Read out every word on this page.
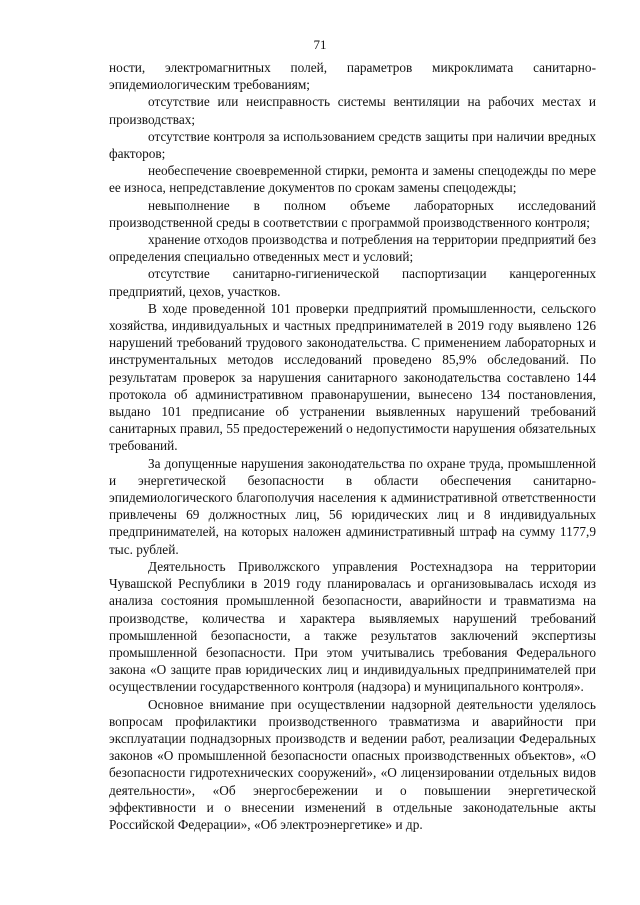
71

ности, электромагнитных полей, параметров микроклимата санитарно-эпидемиологическим требованиям;

отсутствие или неисправность системы вентиляции на рабочих местах и производствах;

отсутствие контроля за использованием средств защиты при наличии вредных факторов;

необеспечение своевременной стирки, ремонта и замены спецодежды по мере ее износа, непредставление документов по срокам замены спецодежды;

невыполнение в полном объеме лабораторных исследований производственной среды в соответствии с программой производственного контроля;

хранение отходов производства и потребления на территории предприятий без определения специально отведенных мест и условий;

отсутствие санитарно-гигиенической паспортизации канцерогенных предприятий, цехов, участков.

В ходе проведенной 101 проверки предприятий промышленности, сельского хозяйства, индивидуальных и частных предпринимателей в 2019 году выявлено 126 нарушений требований трудового законодательства. С применением лабораторных и инструментальных методов исследований проведено 85,9% обследований. По результатам проверок за нарушения санитарного законодательства составлено 144 протокола об административном правонарушении, вынесено 134 постановления, выдано 101 предписание об устранении выявленных нарушений требований санитарных правил, 55 предостережений о недопустимости нарушения обязательных требований.

За допущенные нарушения законодательства по охране труда, промышленной и энергетической безопасности в области обеспечения санитарно-эпидемиологического благополучия населения к административной ответственности привлечены 69 должностных лиц, 56 юридических лиц и 8 индивидуальных предпринимателей, на которых наложен административный штраф на сумму 1177,9 тыс. рублей.

Деятельность Приволжского управления Ростехнадзора на территории Чувашской Республики в 2019 году планировалась и организовывалась исходя из анализа состояния промышленной безопасности, аварийности и травматизма на производстве, количества и характера выявляемых нарушений требований промышленной безопасности, а также результатов заключений экспертизы промышленной безопасности. При этом учитывались требования Федерального закона «О защите прав юридических лиц и индивидуальных предпринимателей при осуществлении государственного контроля (надзора) и муниципального контроля».

Основное внимание при осуществлении надзорной деятельности уделялось вопросам профилактики производственного травматизма и аварийности при эксплуатации поднадзорных производств и ведении работ, реализации Федеральных законов «О промышленной безопасности опасных производственных объектов», «О безопасности гидротехнических сооружений», «О лицензировании отдельных видов деятельности», «Об энергосбережении и о повышении энергетической эффективности и о внесении изменений в отдельные законодательные акты Российской Федерации», «Об электроэнергетике» и др.
